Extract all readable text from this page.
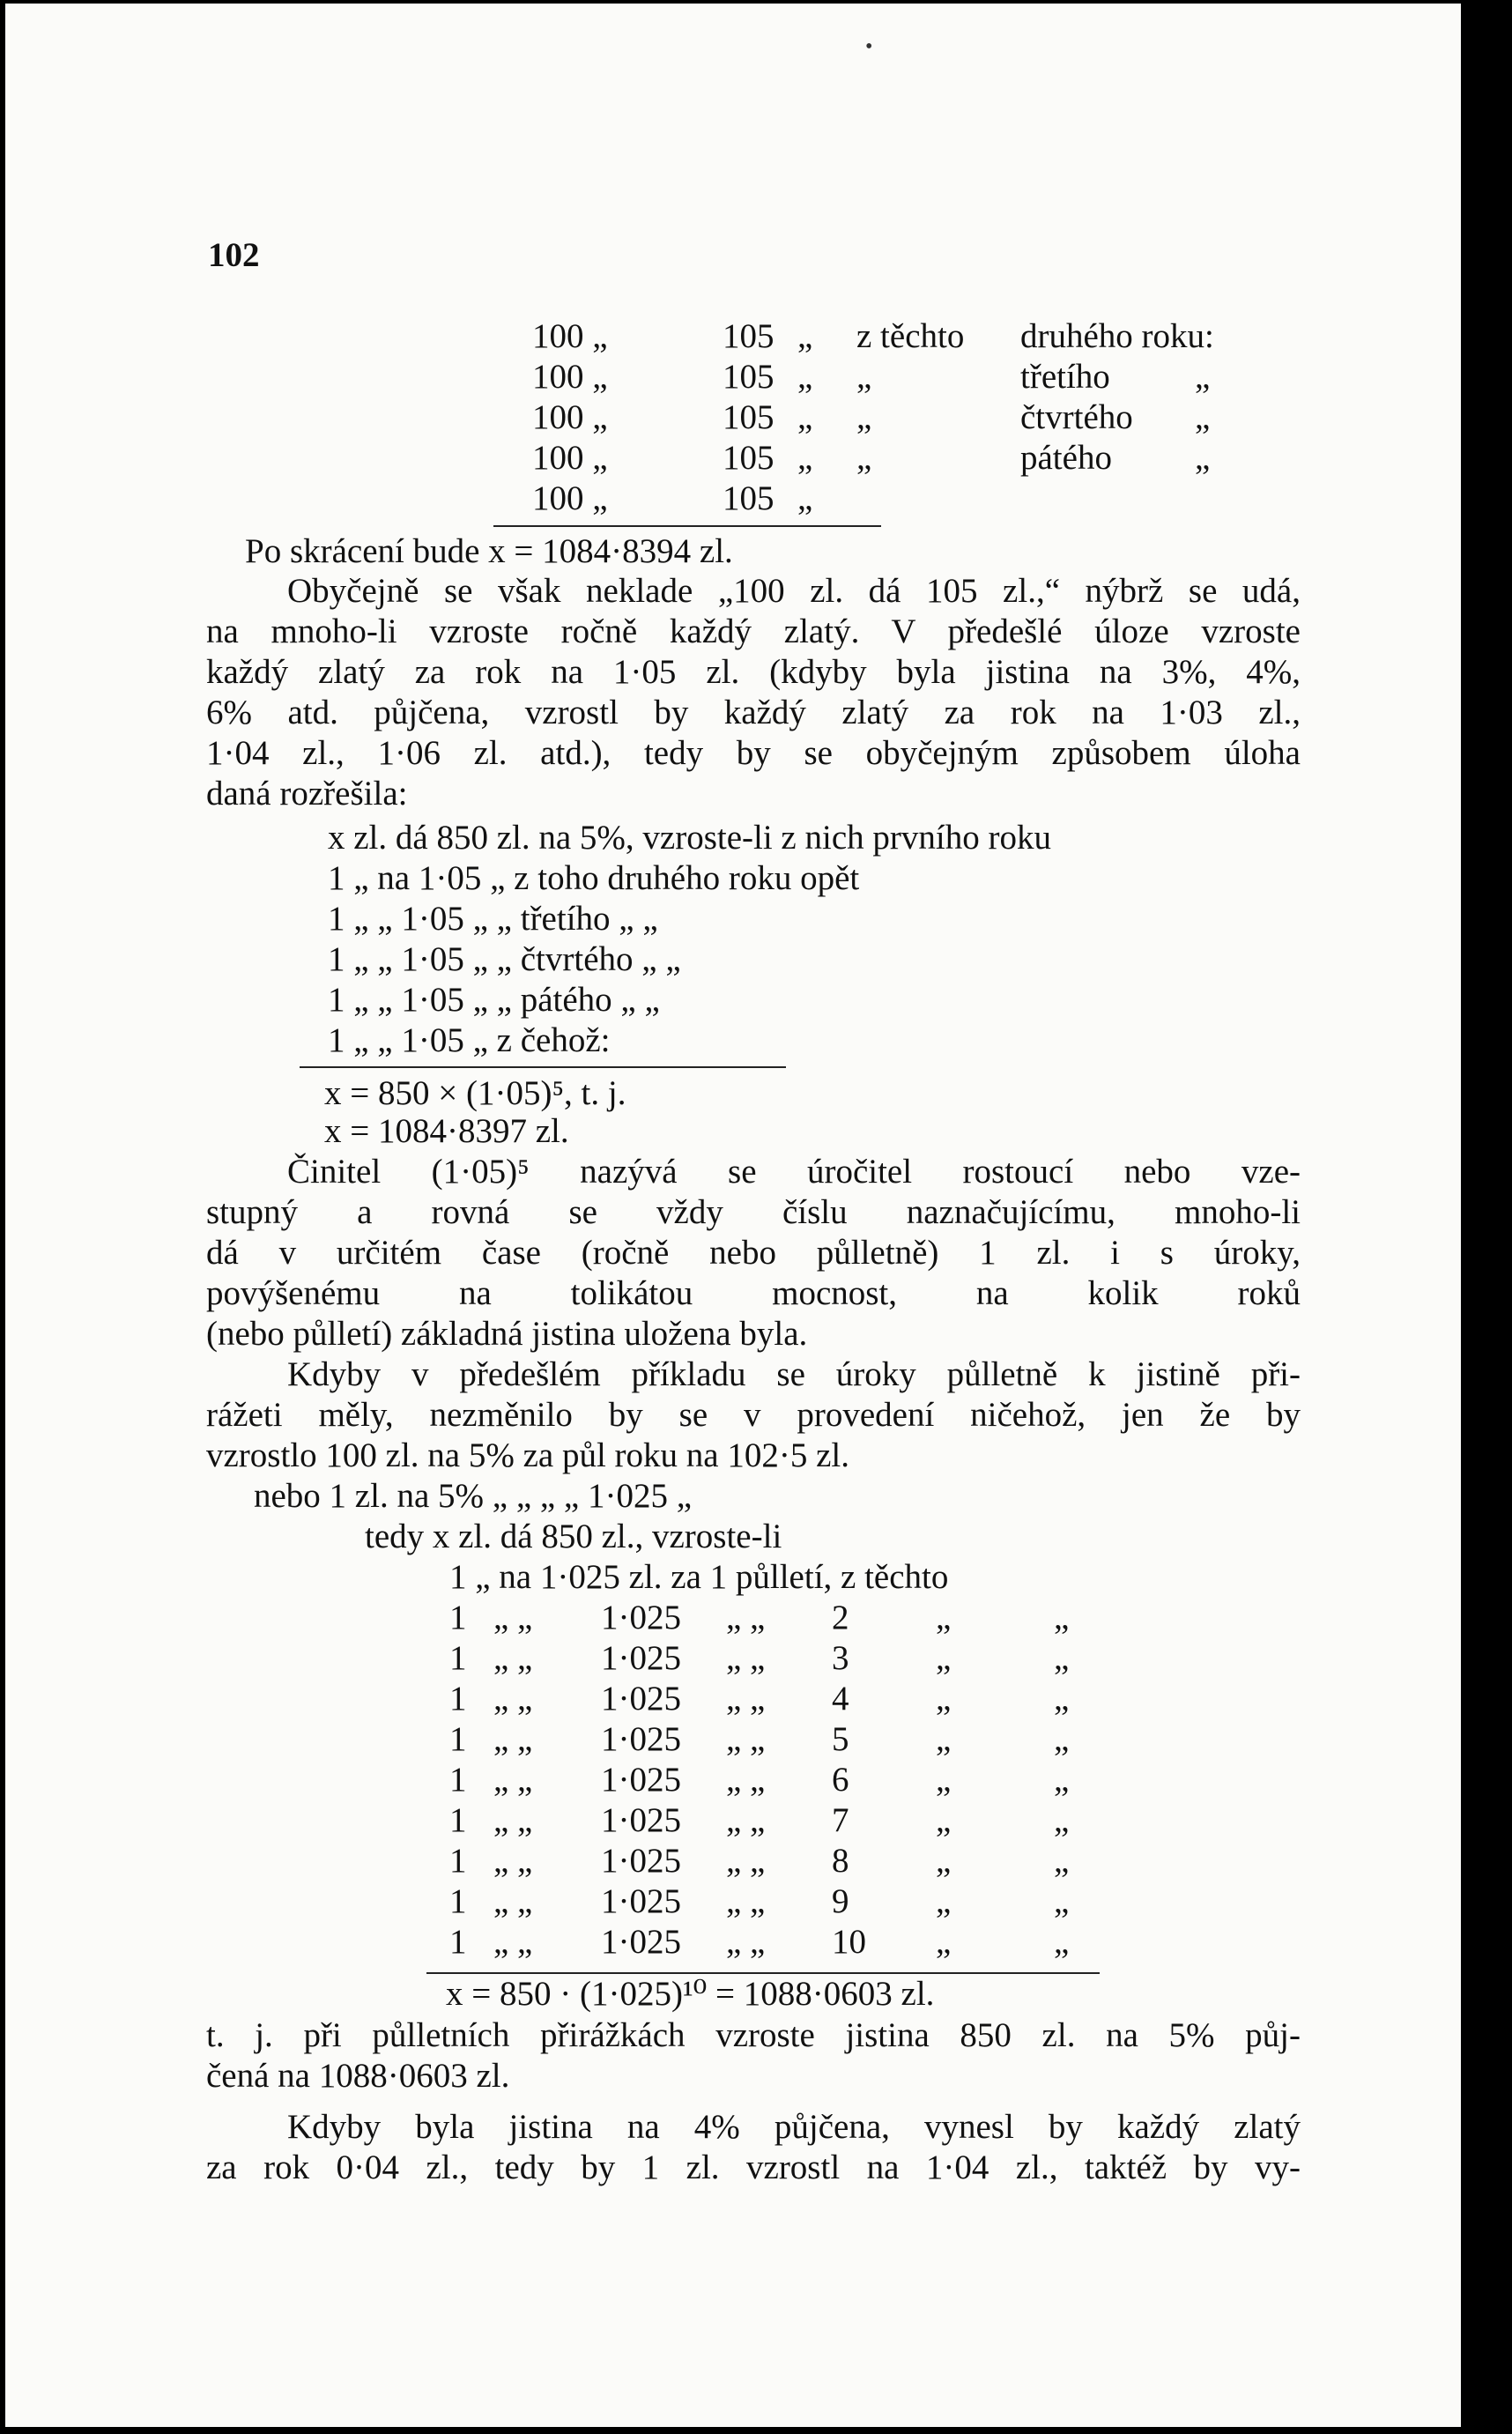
•
102
Po skrácení bude x = 1084·8394 zl.
x = 850 × (1·05)⁵, t. j.
x = 1084·8397 zl.
x = 850 · (1·025)¹⁰ = 1088·0603 zl.
100 „	105 „ z těchto druhého roku:
100 „	105 „ „	třetího „
100 „	105 „ „	čtvrtého „
100 „	105 „ „	pátého „
100 „	105 „
Obyčejně se však neklade „100 zl. dá 105 zl.,“ nýbrž se udá,
na mnoho-li vzroste ročně každý zlatý. V předešlé úloze vzroste
každý zlatý za rok na 1·05 zl. (kdyby byla jistina na 3%, 4%,
6% atd. půjčena, vzrostl by každý zlatý za rok na 1·03 zl.,
1·04 zl., 1·06 zl. atd.), tedy by se obyčejným způsobem úloha
daná rozřešila:
x zl. dá 850 zl. na 5%, vzroste-li z nich prvního roku
1 „ na 1·05 „ z toho druhého roku opět
1 „ „ 1·05 „ „ třetího „ „
1 „ „ 1·05 „ „ čtvrtého „ „
1 „ „ 1·05 „ „ pátého „ „
1 „ „ 1·05 „ z čehož:
Činitel (1·05)⁵ nazývá se úročitel rostoucí nebo vze-
stupný a rovná se vždy číslu naznačujícímu, mnoho-li
dá v určitém čase (ročně nebo půlletně) 1 zl. i s úroky,
povýšenému na tolikátou mocnost, na kolik roků
(nebo půlletí) základná jistina uložena byla.
Kdyby v předešlém příkladu se úroky půlletně k jistině při-
rážeti měly, nezměnilo by se v provedení ničehož, jen že by
vzrostlo 100 zl. na 5% za půl roku na 102·5 zl.
nebo 1 zl. na 5% „ „ „ „ 1·025 „
tedy x zl. dá 850 zl., vzroste-li
1 „ na 1·025 zl. za 1 půlletí, z těchto
1 „ „ 1·025 „ „ 2	„	„
1 „ „ 1·025 „ „ 3	„	„
1 „ „ 1·025 „ „ 4	„	„
1 „ „ 1·025 „ „ 5	„	„
1 „ „ 1·025 „ „ 6	„	„
1 „ „ 1·025 „ „ 7	„	„
1 „ „ 1·025 „ „ 8	„	„
1 „ „ 1·025 „ „ 9	„	„
1 „ „ 1·025 „ „ 10 „	„
t. j. při půlletních přirážkách vzroste jistina 850 zl. na 5% půj-
čená na 1088·0603 zl.
Kdyby byla jistina na 4% půjčena, vynesl by každý zlatý
za rok 0·04 zl., tedy by 1 zl. vzrostl na 1·04 zl., taktéž by vy-
